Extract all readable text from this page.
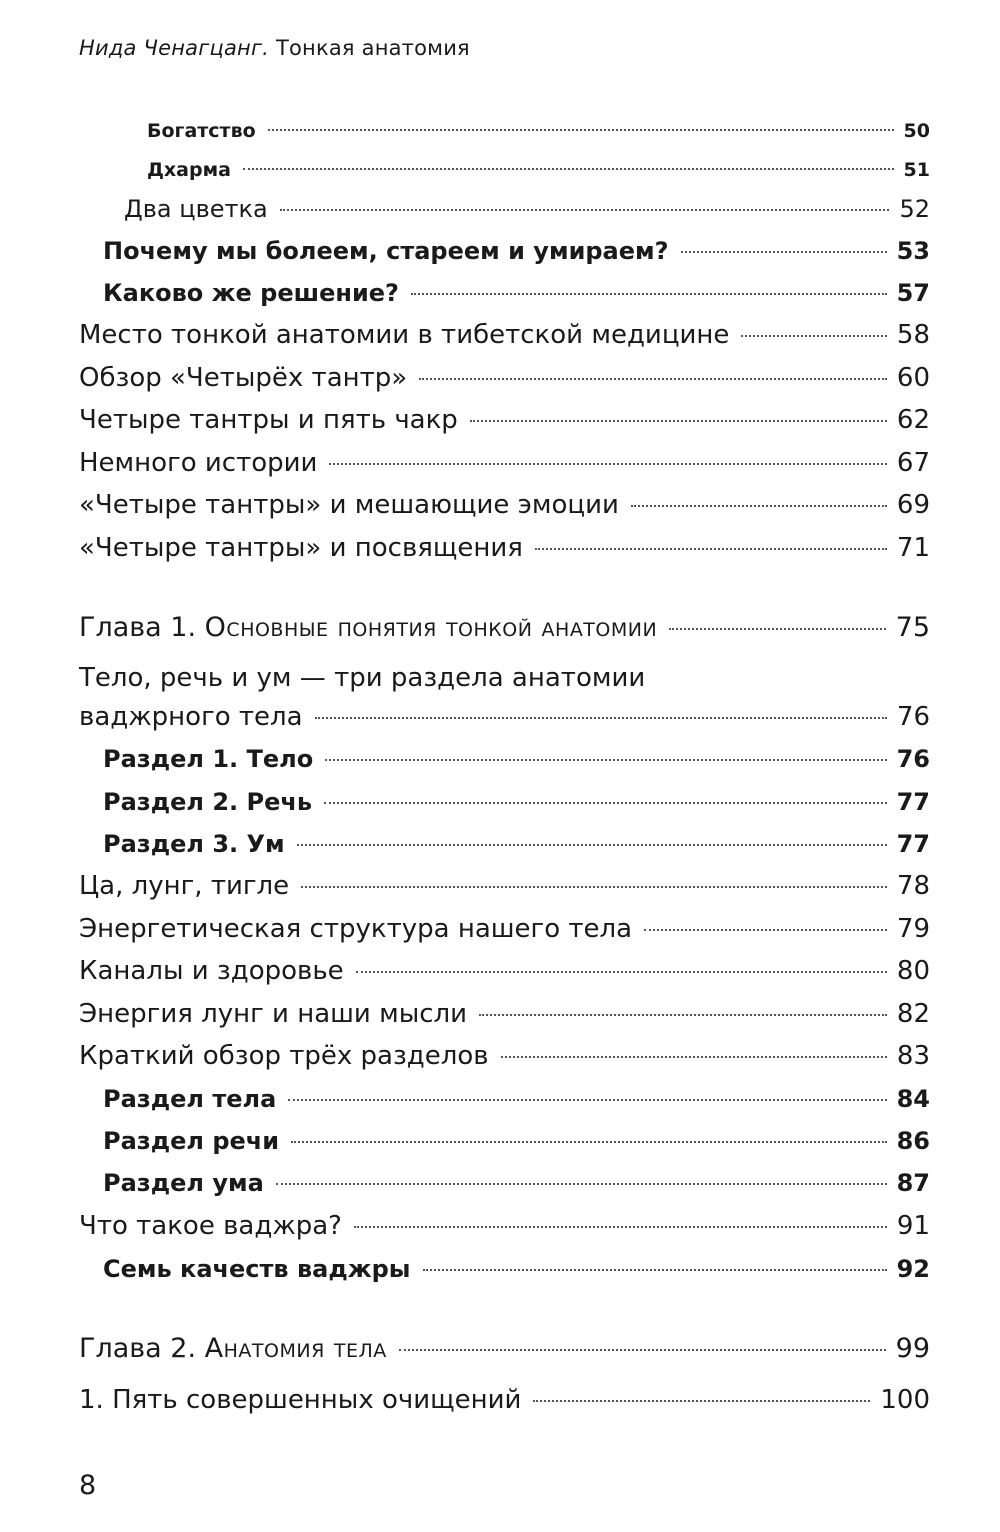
Нида Ченагцанг. Тонкая анатомия
Богатство	50
Дхарма	51
Два цветка	52
Почему мы болеем, стареем и умираем?	53
Каково же решение?	57
Место тонкой анатомии в тибетской медицине	58
Обзор «Четырёх тантр»	60
Четыре тантры и пять чакр	62
Немного истории	67
«Четыре тантры» и мешающие эмоции	69
«Четыре тантры» и посвящения	71
Глава 1. Основные понятия тонкой анатомии	75
Тело, речь и ум — три раздела анатомии
ваджрного тела	76
Раздел 1. Тело	76
Раздел 2. Речь	77
Раздел 3. Ум	77
Ца, лунг, тигле	78
Энергетическая структура нашего тела	79
Каналы и здоровье	80
Энергия лунг и наши мысли	82
Краткий обзор трёх разделов	83
Раздел тела	84
Раздел речи	86
Раздел ума	87
Что такое ваджра?	91
Семь качеств ваджры	92
Глава 2. Анатомия тела	99
1. Пять совершенных очищений	100
8
